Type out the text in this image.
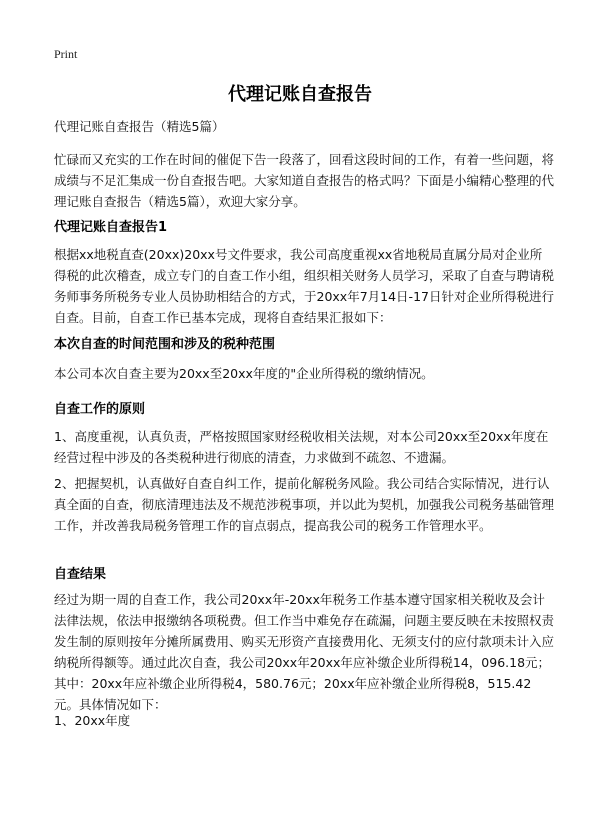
Print
代理记账自查报告
代理记账自查报告（精选5篇）
忙碌而又充实的工作在时间的催促下告一段落了，回看这段时间的工作，有着一些问题，将成绩与不足汇集成一份自查报告吧。大家知道自查报告的格式吗？下面是小编精心整理的代理记账自查报告（精选5篇），欢迎大家分享。
代理记账自查报告1
根据xx地税直查(20xx)20xx号文件要求，我公司高度重视xx省地税局直属分局对企业所得税的此次稽查，成立专门的自查工作小组，组织相关财务人员学习，采取了自查与聘请税务师事务所税务专业人员协助相结合的方式，于20xx年7月14日-17日针对企业所得税进行自查。目前，自查工作已基本完成，现将自查结果汇报如下：
本次自查的时间范围和涉及的税种范围
本公司本次自查主要为20xx至20xx年度的"企业所得税的缴纳情况。
自查工作的原则
1、高度重视，认真负责，严格按照国家财经税收相关法规，对本公司20xx至20xx年度在经营过程中涉及的各类税种进行彻底的清查，力求做到不疏忽、不遗漏。
2、把握契机，认真做好自查自纠工作，提前化解税务风险。我公司结合实际情况，进行认真全面的自查，彻底清理违法及不规范涉税事项，并以此为契机，加强我公司税务基础管理工作，并改善我局税务管理工作的盲点弱点，提高我公司的税务工作管理水平。
自查结果
经过为期一周的自查工作，我公司20xx年-20xx年税务工作基本遵守国家相关税收及会计法律法规，依法申报缴纳各项税费。但工作当中难免存在疏漏，问题主要反映在未按照权责发生制的原则按年分摊所属费用、购买无形资产直接费用化、无须支付的应付款项未计入应纳税所得额等。通过此次自查，我公司20xx年20xx年应补缴企业所得税14，096.18元；其中：20xx年应补缴企业所得税4，580.76元；20xx年应补缴企业所得税8，515.42元。具体情况如下：
1、20xx年度
